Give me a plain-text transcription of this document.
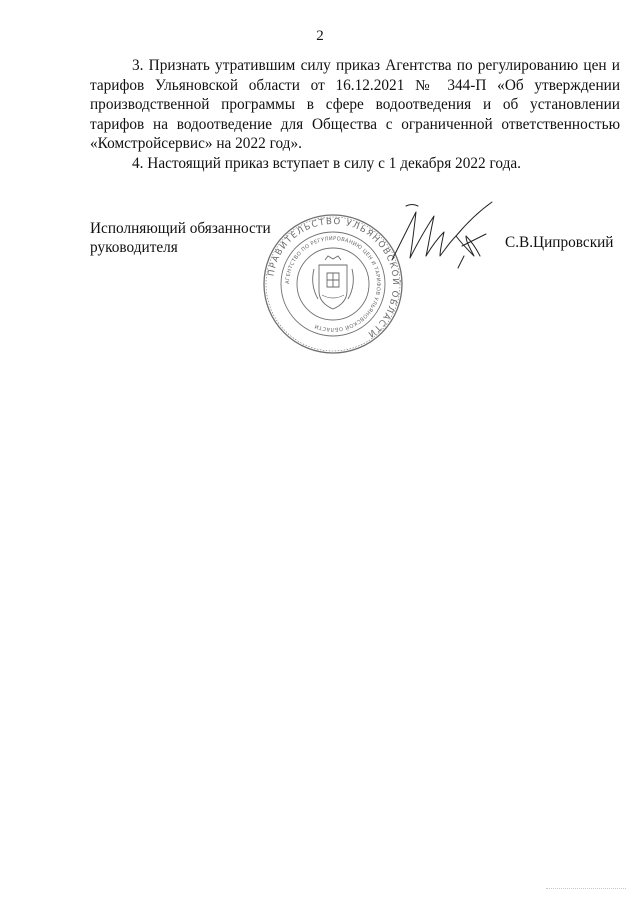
2

3. Признать утратившим силу приказ Агентства по регулированию цен и тарифов Ульяновской области от 16.12.2021 № 344-П «Об утверждении производственной программы в сфере водоотведения и об установлении тарифов на водоотведение для Общества с ограниченной ответственностью «Комстройсервис» на 2022 год».

4. Настоящий приказ вступает в силу с 1 декабря 2022 года.

Исполняющий обязанности
руководителя
ПРАВИТЕЛЬСТВО УЛЬЯНОВСКОЙ ОБЛАСТИ
АГЕНТСТВО ПО РЕГУЛИРОВАНИЮ ЦЕН И ТАРИФОВ УЛЬЯНОВСКОЙ ОБЛАСТИ
С.В.Ципровский
